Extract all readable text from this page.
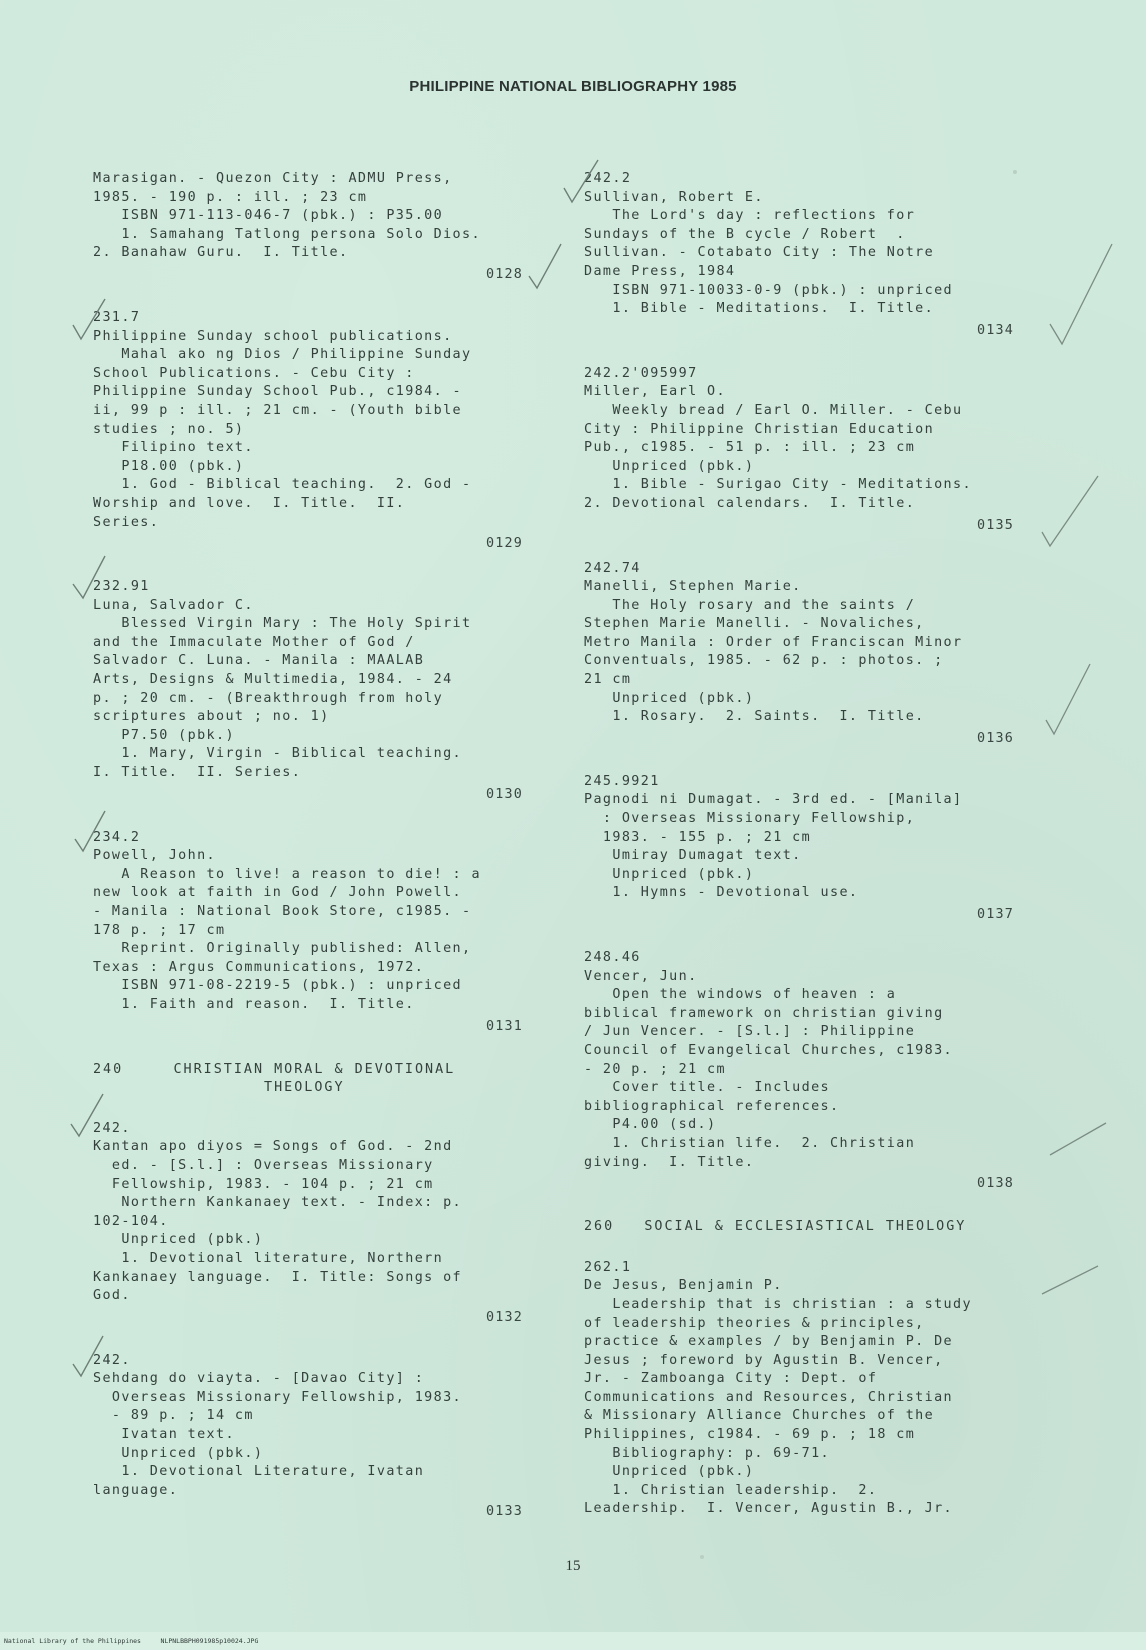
PHILIPPINE NATIONAL BIBLIOGRAPHY 1985
Marasigan. - Quezon City : ADMU Press,
1985. - 190 p. : ill. ; 23 cm
ISBN 971-113-046-7 (pbk.) : P35.00
1. Samahang Tatlong persona Solo Dios.
2. Banahaw Guru.  I. Title.
0128
231.7
Philippine Sunday school publications.
Mahal ako ng Dios / Philippine Sunday
School Publications. - Cebu City :
Philippine Sunday School Pub., c1984. -
ii, 99 p : ill. ; 21 cm. - (Youth bible
studies ; no. 5)
Filipino text.
P18.00 (pbk.)
1. God - Biblical teaching.  2. God -
Worship and love.  I. Title.  II.
Series.
0129
232.91
Luna, Salvador C.
Blessed Virgin Mary : The Holy Spirit
and the Immaculate Mother of God /
Salvador C. Luna. - Manila : MAALAB
Arts, Designs & Multimedia, 1984. - 24
p. ; 20 cm. - (Breakthrough from holy
scriptures about ; no. 1)
P7.50 (pbk.)
1. Mary, Virgin - Biblical teaching.
I. Title.  II. Series.
0130
234.2
Powell, John.
A Reason to live! a reason to die! : a
new look at faith in God / John Powell.
- Manila : National Book Store, c1985. -
178 p. ; 17 cm
Reprint. Originally published: Allen,
Texas : Argus Communications, 1972.
ISBN 971-08-2219-5 (pbk.) : unpriced
1. Faith and reason.  I. Title.
0131
240     CHRISTIAN MORAL & DEVOTIONAL
THEOLOGY
242.
Kantan apo diyos = Songs of God. - 2nd
ed. - [S.l.] : Overseas Missionary
Fellowship, 1983. - 104 p. ; 21 cm
Northern Kankanaey text. - Index: p.
102-104.
Unpriced (pbk.)
1. Devotional literature, Northern
Kankanaey language.  I. Title: Songs of
God.
0132
242.
Sehdang do viayta. - [Davao City] :
Overseas Missionary Fellowship, 1983.
- 89 p. ; 14 cm
Ivatan text.
Unpriced (pbk.)
1. Devotional Literature, Ivatan
language.
0133
242.2
Sullivan, Robert E.
The Lord's day : reflections for
Sundays of the B cycle / Robert  .
Sullivan. - Cotabato City : The Notre
Dame Press, 1984
ISBN 971-10033-0-9 (pbk.) : unpriced
1. Bible - Meditations.  I. Title.
0134
242.2'095997
Miller, Earl O.
Weekly bread / Earl O. Miller. - Cebu
City : Philippine Christian Education
Pub., c1985. - 51 p. : ill. ; 23 cm
Unpriced (pbk.)
1. Bible - Surigao City - Meditations.
2. Devotional calendars.  I. Title.
0135
242.74
Manelli, Stephen Marie.
The Holy rosary and the saints /
Stephen Marie Manelli. - Novaliches,
Metro Manila : Order of Franciscan Minor
Conventuals, 1985. - 62 p. : photos. ;
21 cm
Unpriced (pbk.)
1. Rosary.  2. Saints.  I. Title.
0136
245.9921
Pagnodi ni Dumagat. - 3rd ed. - [Manila]
: Overseas Missionary Fellowship,
1983. - 155 p. ; 21 cm
Umiray Dumagat text.
Unpriced (pbk.)
1. Hymns - Devotional use.
0137
248.46
Vencer, Jun.
Open the windows of heaven : a
biblical framework on christian giving
/ Jun Vencer. - [S.l.] : Philippine
Council of Evangelical Churches, c1983.
- 20 p. ; 21 cm
Cover title. - Includes
bibliographical references.
P4.00 (sd.)
1. Christian life.  2. Christian
giving.  I. Title.
0138
260   SOCIAL & ECCLESIASTICAL THEOLOGY
262.1
De Jesus, Benjamin P.
Leadership that is christian : a study
of leadership theories & principles,
practice & examples / by Benjamin P. De
Jesus ; foreword by Agustin B. Vencer,
Jr. - Zamboanga City : Dept. of
Communications and Resources, Christian
& Missionary Alliance Churches of the
Philippines, c1984. - 69 p. ; 18 cm
Bibliography: p. 69-71.
Unpriced (pbk.)
1. Christian leadership.  2.
Leadership.  I. Vencer, Agustin B., Jr.
15
National Library of the Philippines     NLPNLBBPH091985p10024.JPG
